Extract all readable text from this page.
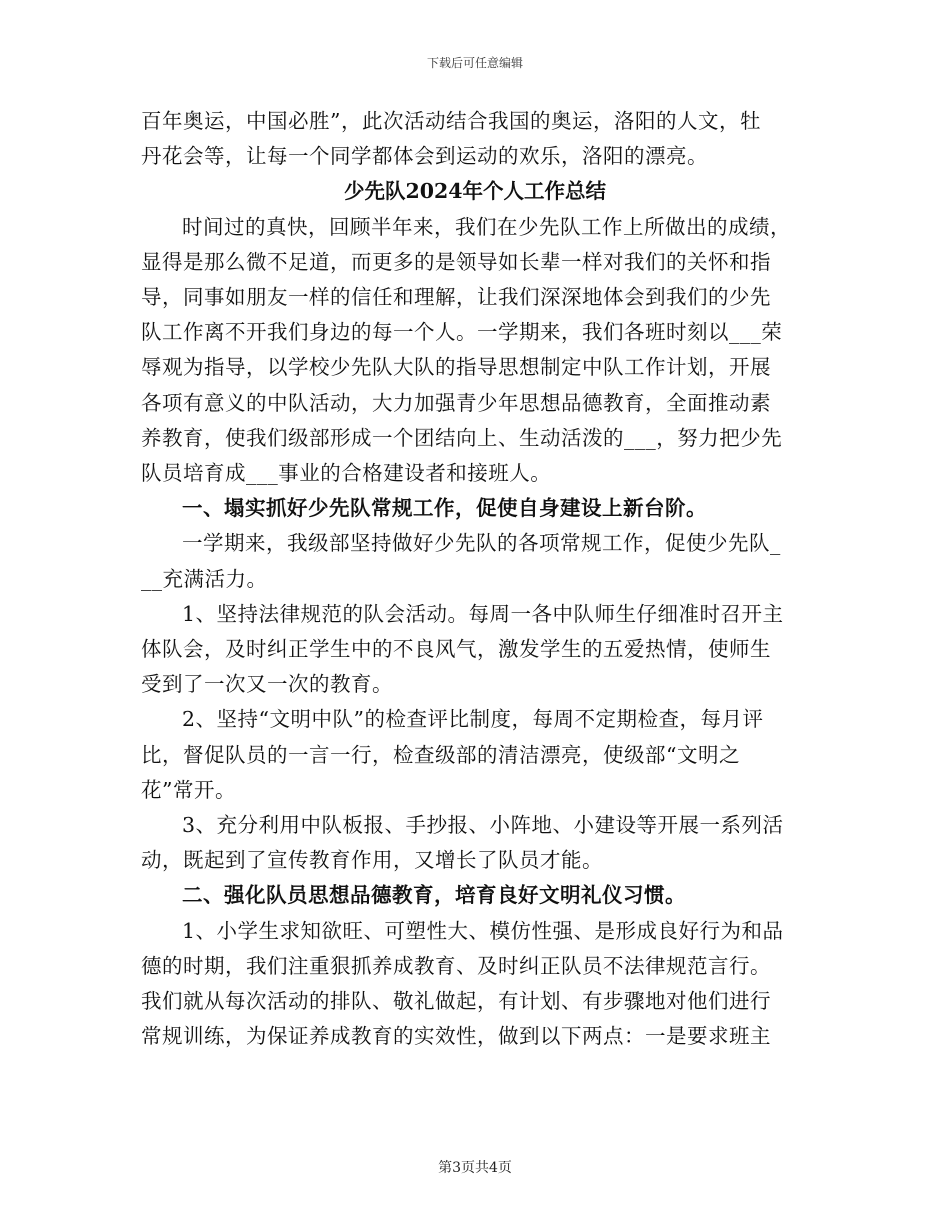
下载后可任意编辑

百年奥运，中国必胜”，此次活动结合我国的奥运，洛阳的人文，牡
丹花会等，让每一个同学都体会到运动的欢乐，洛阳的漂亮。

少先队2024年个人工作总结

时间过的真快，回顾半年来，我们在少先队工作上所做出的成绩，

显得是那么微不足道，而更多的是领导如长辈一样对我们的关怀和指
导，同事如朋友一样的信任和理解，让我们深深地体会到我们的少先
队工作离不开我们身边的每一个人。一学期来，我们各班时刻以___荣
辱观为指导，以学校少先队大队的指导思想制定中队工作计划，开展
各项有意义的中队活动，大力加强青少年思想品德教育，全面推动素
养教育，使我们级部形成一个团结向上、生动活泼的___，努力把少先
队员培育成___事业的合格建设者和接班人。

一、塌实抓好少先队常规工作，促使自身建设上新台阶。

一学期来，我级部坚持做好少先队的各项常规工作，促使少先队_

__充满活力。

1、坚持法律规范的队会活动。每周一各中队师生仔细准时召开主

体队会，及时纠正学生中的不良风气，激发学生的五爱热情，使师生
受到了一次又一次的教育。

2、坚持“文明中队”的检查评比制度，每周不定期检查，每月评

比，督促队员的一言一行，检查级部的清洁漂亮，使级部“文明之
花”常开。

3、充分利用中队板报、手抄报、小阵地、小建设等开展一系列活

动，既起到了宣传教育作用，又增长了队员才能。

二、强化队员思想品德教育，培育良好文明礼仪习惯。

1、小学生求知欲旺、可塑性大、模仿性强、是形成良好行为和品

德的时期，我们注重狠抓养成教育、及时纠正队员不法律规范言行。
我们就从每次活动的排队、敬礼做起，有计划、有步骤地对他们进行
常规训练，为保证养成教育的实效性，做到以下两点：一是要求班主

第3页共4页
